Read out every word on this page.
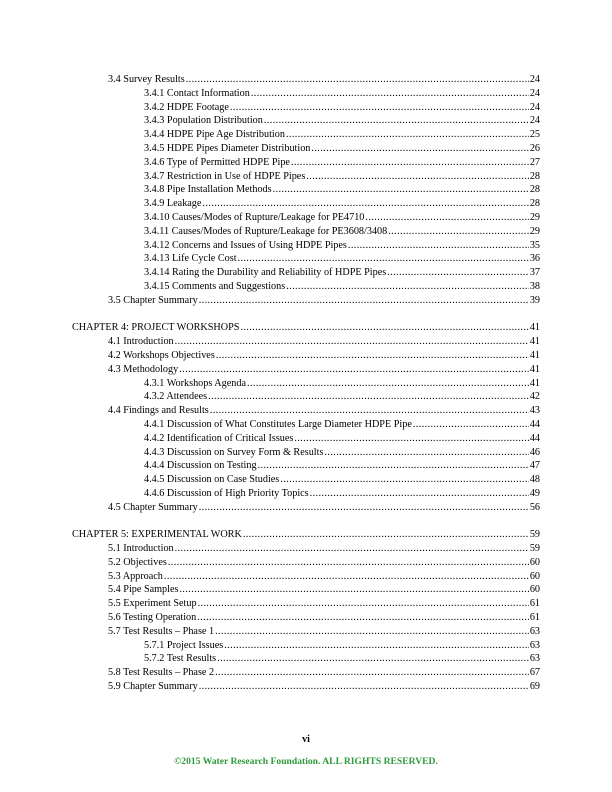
3.4 Survey Results .....	24
3.4.1 Contact Information .....	24
3.4.2 HDPE Footage .....	24
3.4.3 Population Distribution .....	24
3.4.4 HDPE Pipe Age Distribution .....	25
3.4.5 HDPE Pipes Diameter Distribution .....	26
3.4.6 Type of Permitted HDPE Pipe .....	27
3.4.7 Restriction in Use of HDPE Pipes .....	28
3.4.8 Pipe Installation Methods .....	28
3.4.9 Leakage .....	28
3.4.10 Causes/Modes of Rupture/Leakage for PE4710 .....	29
3.4.11 Causes/Modes of Rupture/Leakage for PE3608/3408 .....	29
3.4.12 Concerns and Issues of Using HDPE Pipes .....	35
3.4.13 Life Cycle Cost .....	36
3.4.14 Rating the Durability and Reliability of HDPE Pipes .....	37
3.4.15 Comments and Suggestions .....	38
3.5 Chapter Summary .....	39
CHAPTER 4: PROJECT WORKSHOPS .....	41
4.1 Introduction .....	41
4.2 Workshops Objectives .....	41
4.3 Methodology .....	41
4.3.1 Workshops Agenda .....	41
4.3.2 Attendees .....	42
4.4 Findings and Results .....	43
4.4.1 Discussion of What Constitutes Large Diameter HDPE Pipe .....	44
4.4.2 Identification of Critical Issues .....	44
4.4.3 Discussion on Survey Form & Results .....	46
4.4.4 Discussion on Testing .....	47
4.4.5 Discussion on Case Studies .....	48
4.4.6 Discussion of High Priority Topics .....	49
4.5 Chapter Summary .....	56
CHAPTER 5: EXPERIMENTAL WORK .....	59
5.1 Introduction .....	59
5.2 Objectives .....	60
5.3 Approach .....	60
5.4 Pipe Samples .....	60
5.5 Experiment Setup .....	61
5.6 Testing Operation .....	61
5.7 Test Results – Phase 1 .....	63
5.7.1 Project Issues .....	63
5.7.2 Test Results .....	63
5.8 Test Results – Phase 2 .....	67
5.9 Chapter Summary .....	69
vi
©2015 Water Research Foundation. ALL RIGHTS RESERVED.
